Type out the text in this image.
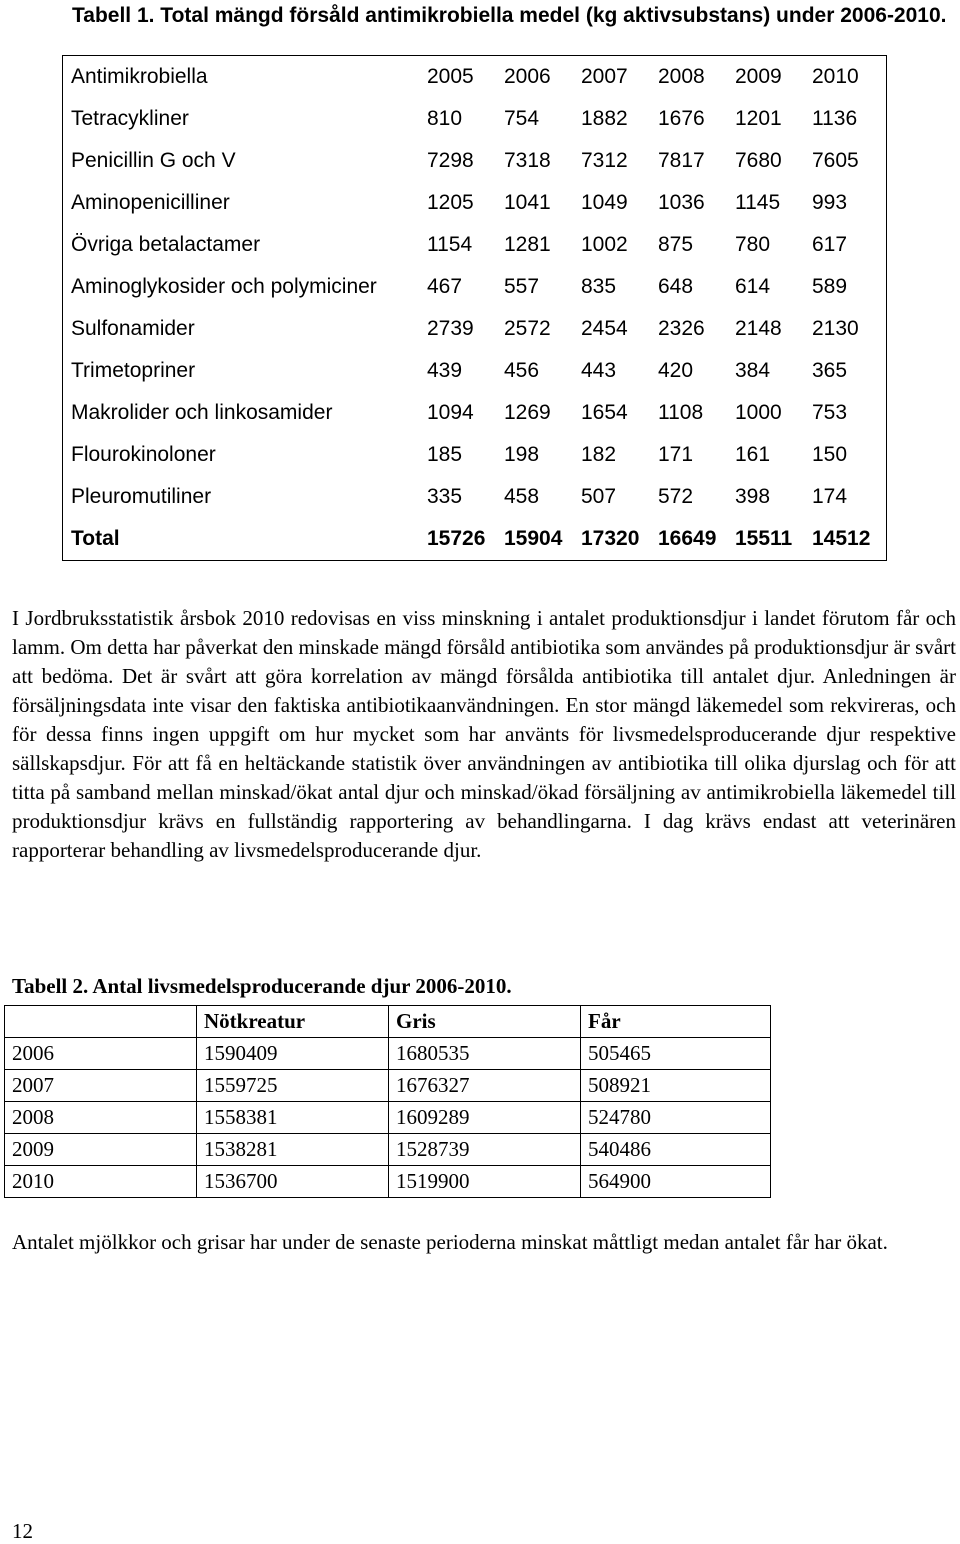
Tabell 1. Total mängd försåld antimikrobiella medel (kg aktivsubstans) under 2006-2010.
Antimikrobiella	2005	2006	2007	2008	2009	2010
Tetracykliner	810	754	1882	1676	1201	1136
Penicillin G och V	7298	7318	7312	7817	7680	7605
Aminopenicilliner	1205	1041	1049	1036	1145	993
Övriga betalactamer	1154	1281	1002	875	780	617
Aminoglykosider och polymiciner	467	557	835	648	614	589
Sulfonamider	2739	2572	2454	2326	2148	2130
Trimetopriner	439	456	443	420	384	365
Makrolider och linkosamider	1094	1269	1654	1108	1000	753
Flourokinoloner	185	198	182	171	161	150
Pleuromutiliner	335	458	507	572	398	174
Total	15726	15904	17320	16649	15511	14512

I Jordbruksstatistik årsbok 2010 redovisas en viss minskning i antalet produktionsdjur i landet förutom får och lamm. Om detta har påverkat den minskade mängd försåld antibiotika som användes på produktionsdjur är svårt att bedöma. Det är svårt att göra korrelation av mängd försålda antibiotika till antalet djur. Anledningen är försäljningsdata inte visar den faktiska antibiotikaanvändningen. En stor mängd läkemedel som rekvireras, och för dessa finns ingen uppgift om hur mycket som har använts för livsmedelsproducerande djur respektive sällskapsdjur. För att få en heltäckande statistik över användningen av antibiotika till olika djurslag och för att titta på samband mellan minskad/ökat antal djur och minskad/ökad försäljning av antimikrobiella läkemedel till produktionsdjur krävs en fullständig rapportering av behandlingarna. I dag krävs endast att veterinären rapporterar behandling av livsmedelsproducerande djur.

Tabell 2. Antal livsmedelsproducerande djur 2006-2010.
	Nötkreatur	Gris	Får
2006	1590409	1680535	505465
2007	1559725	1676327	508921
2008	1558381	1609289	524780
2009	1538281	1528739	540486
2010	1536700	1519900	564900

Antalet mjölkkor och grisar har under de senaste perioderna minskat måttligt medan antalet får har ökat.

12
